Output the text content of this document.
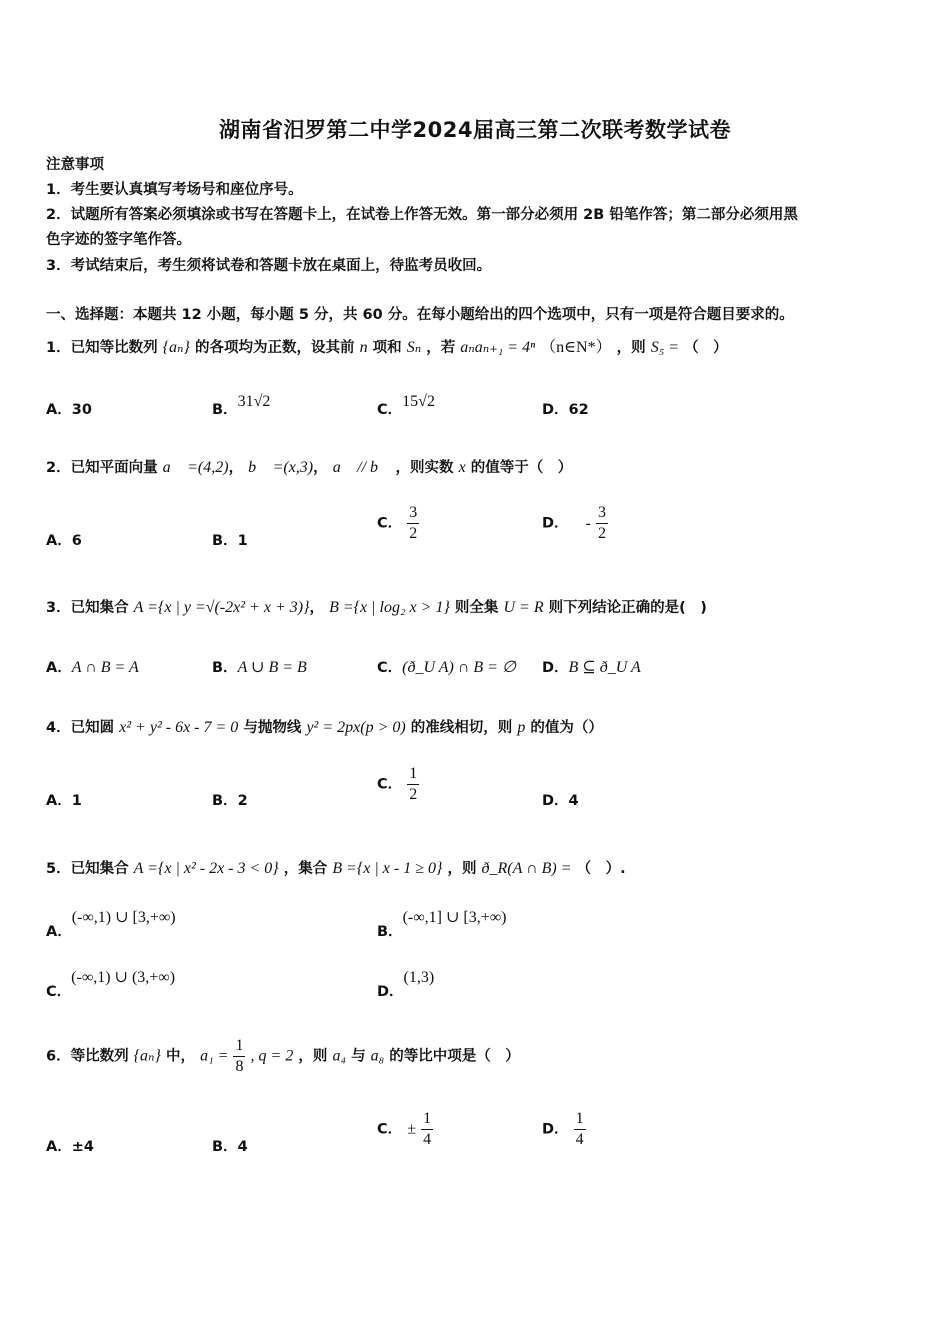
湖南省汨罗第二中学2024届高三第二次联考数学试卷
注意事项
1．考生要认真填写考场号和座位序号。
2．试题所有答案必须填涂或书写在答题卡上，在试卷上作答无效。第一部分必须用 2B 铅笔作答；第二部分必须用黑
色字迹的签字笔作答。
3．考试结束后，考生须将试卷和答题卡放在桌面上，待监考员收回。
一、选择题：本题共 12 小题，每小题 5 分，共 60 分。在每小题给出的四个选项中，只有一项是符合题目要求的。
1．已知等比数列 {aₙ} 的各项均为正数，设其前 n 项和 Sₙ ，若 aₙaₙ₊₁ = 4ⁿ （n∈N*） ，则 S₅ = （　）
A．30	B．31√2	C．15√2	D．62
2．已知平面向量 a⃗ =(4,2)， b⃗ =(x,3)， a⃗ // b⃗ ，则实数 x 的值等于（　）
A．6	B．1
C． $\frac{3}{2}$	D． - $\frac{3}{2}$
3．已知集合 A ={x | y =√(-2x² + x + 3)}， B ={x | log₂ x > 1} 则全集 U = R 则下列结论正确的是(　)
A．A ∩ B = A	B．A ∪ B = B	C．(ð_U A) ∩ B = ∅ D．B ⊆ ð_U A
4．已知圆 x² + y² - 6x - 7 = 0 与抛物线 y² = 2px(p > 0) 的准线相切，则 p 的值为（）
A．1	B．2
C． $\frac{1}{2}$	D．4
5．已知集合 A ={x | x² - 2x - 3 < 0} ，集合 B ={x | x - 1 ≥ 0} ，则 ð_R(A ∩ B) = （　）.
A．(-∞,1) ∪ [3,+∞)
B．(-∞,1] ∪ [3,+∞)
C．(-∞,1) ∪ (3,+∞)
D．(1,3)
6．等比数列 {aₙ} 中， $a_1 = \frac{1}{8}$ , q = 2 ，则 a₄ 与 a₈ 的等比中项是（　）
A．±4	B．4
C． ± $\frac{1}{4}$	D． $\frac{1}{4}$
